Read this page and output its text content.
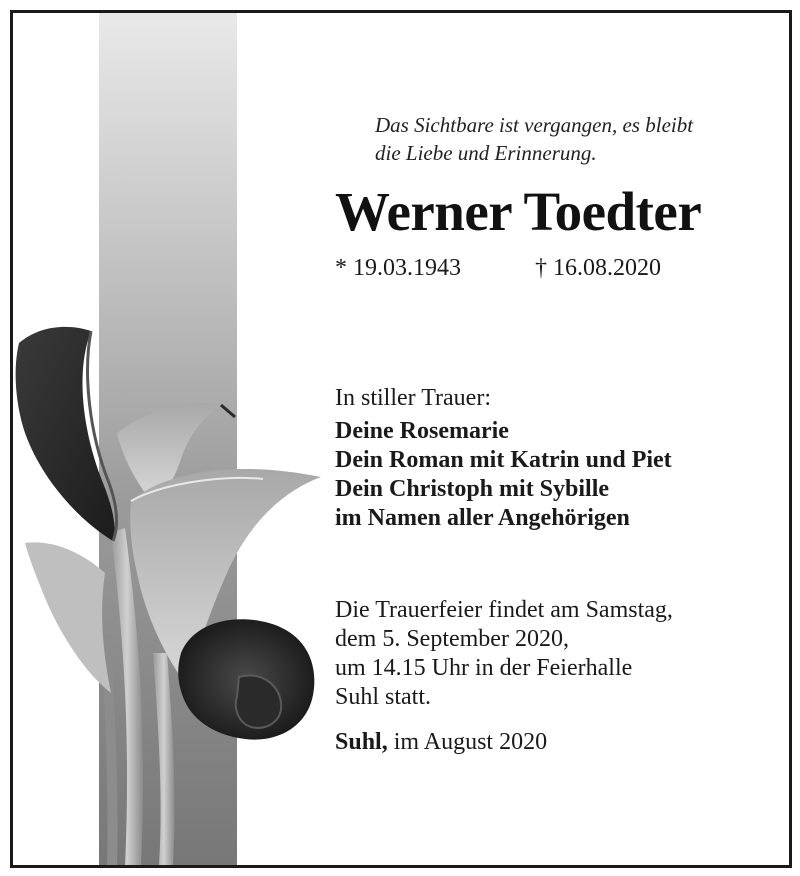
Das Sichtbare ist vergangen, es bleibt
die Liebe und Erinnerung.
Werner Toedter
* 19.03.1943	† 16.08.2020
In stiller Trauer:
Deine Rosemarie
Dein Roman mit Katrin und Piet
Dein Christoph mit Sybille
im Namen aller Angehörigen
Die Trauerfeier findet am Samstag,
dem 5. September 2020,
um 14.15 Uhr in der Feierhalle
Suhl statt.
Suhl, im August 2020
